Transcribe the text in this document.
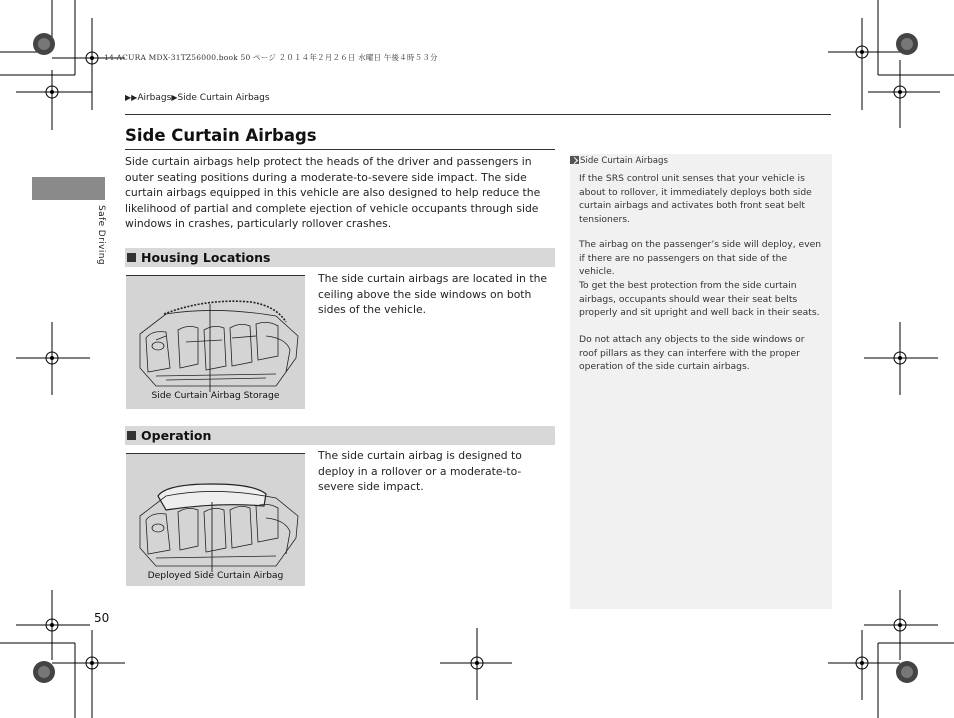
14 ACURA MDX-31TZ56000.book 50 ページ ２０１４年２月２６日 水曜日 午後４時５３分
▶▶Airbags▶Side Curtain Airbags
Safe Driving
Side Curtain Airbags

Side curtain airbags help protect the heads of the driver and passengers in outer seating positions during a moderate-to-severe side impact. The side curtain airbags equipped in this vehicle are also designed to help reduce the likelihood of partial and complete ejection of vehicle occupants through side windows in crashes, particularly rollover crashes.

Housing Locations
Side Curtain Airbag Storage

The side curtain airbags are located in the ceiling above the side windows on both sides of the vehicle.

Operation
Deployed Side Curtain Airbag

The side curtain airbag is designed to deploy in a rollover or a moderate-to-severe side impact.

Side Curtain Airbags

If the SRS control unit senses that your vehicle is about to rollover, it immediately deploys both side curtain airbags and activates both front seat belt tensioners.

The airbag on the passenger’s side will deploy, even if there are no passengers on that side of the vehicle.

To get the best protection from the side curtain airbags, occupants should wear their seat belts properly and sit upright and well back in their seats.

Do not attach any objects to the side windows or roof pillars as they can interfere with the proper operation of the side curtain airbags.

50
